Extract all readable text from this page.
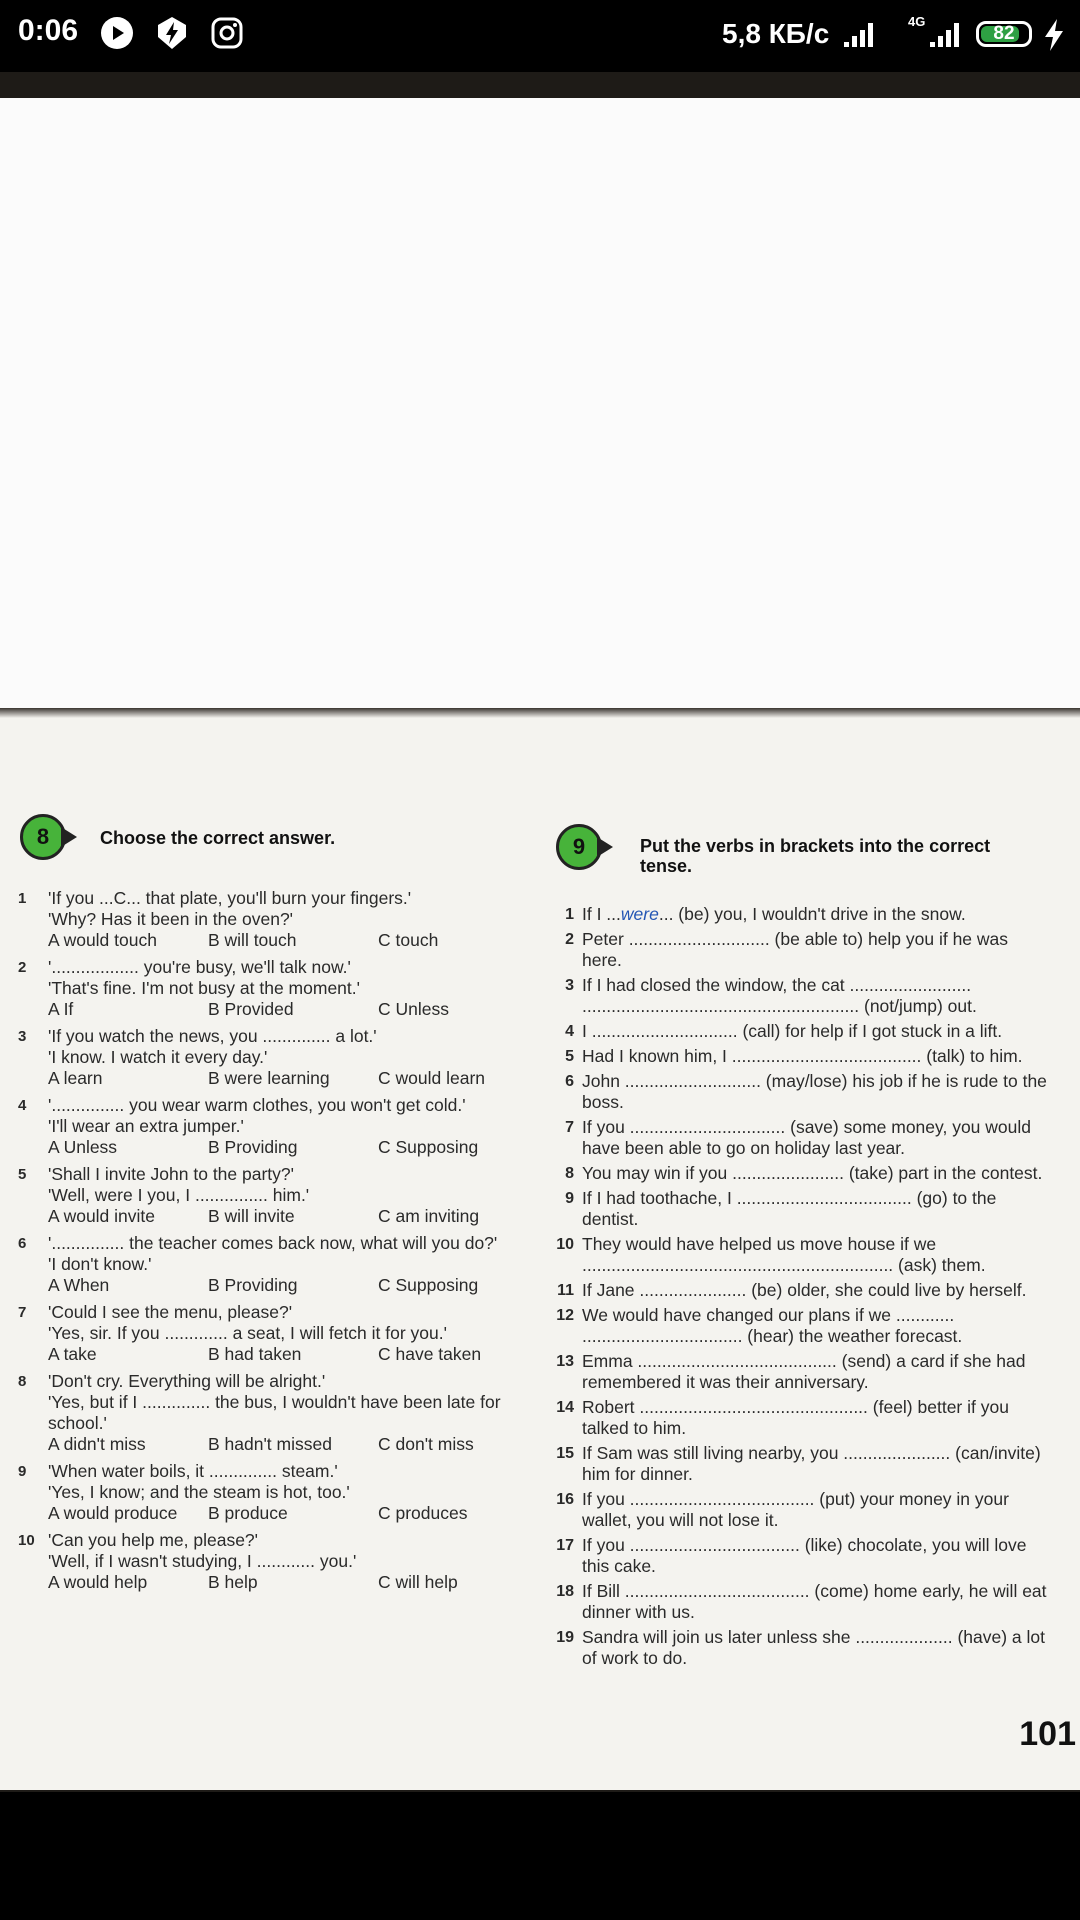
0:06	5,8 КБ/с	4G
82
8	Choose the correct answer.	9	Put the verbs in brackets into the correct tense.
1	'If you ...C... that plate, you'll burn your fingers.'

'Why? Has it been in the oven?'

A would touch	B will touch	C touch
2	'.................. you're busy, we'll talk now.'

'That's fine. I'm not busy at the moment.'

A If	B Provided	C Unless
3	'If you watch the news, you .............. a lot.'

'I know. I watch it every day.'

A learn	B were learning	C would learn
4	'............... you wear warm clothes, you won't get cold.'

'I'll wear an extra jumper.'

A Unless	B Providing	C Supposing
5	'Shall I invite John to the party?'

'Well, were I you, I ............... him.'

A would invite	B will invite	C am inviting
6	'............... the teacher comes back now, what will you do?'

'I don't know.'

A When	B Providing	C Supposing
7	'Could I see the menu, please?'

'Yes, sir. If you ............. a seat, I will fetch it for you.'

A take	B had taken	C have taken
8	'Don't cry. Everything will be alright.'

'Yes, but if I .............. the bus, I wouldn't have been late for school.'

A didn't miss	B hadn't missed	C don't miss
9	'When water boils, it .............. steam.'

'Yes, I know; and the steam is hot, too.'

A would produce	B produce	C produces
10 'Can you help me, please?'

'Well, if I wasn't studying, I ............ you.'

A would help	B help	C will help
1 If I ...were... (be) you, I wouldn't drive in the snow.
2 Peter ............................. (be able to) help you if he was here.
3 If I had closed the window, the cat ......................... ......................................................... (not/jump) out.
4 I .............................. (call) for help if I got stuck in a lift.
5 Had I known him, I ....................................... (talk) to him.
6 John ............................ (may/lose) his job if he is rude to the boss.
7 If you ................................ (save) some money, you would have been able to go on holiday last year.
8 You may win if you ....................... (take) part in the contest.
9 If I had toothache, I .................................... (go) to the dentist.
10 They would have helped us move house if we ................................................................ (ask) them.
11 If Jane ...................... (be) older, she could live by herself.
12 We would have changed our plans if we ............ ................................. (hear) the weather forecast.
13 Emma ......................................... (send) a card if she had remembered it was their anniversary.
14 Robert ............................................... (feel) better if you talked to him.
15 If Sam was still living nearby, you ...................... (can/invite) him for dinner.
16 If you ...................................... (put) your money in your wallet, you will not lose it.
17 If you ................................... (like) chocolate, you will love this cake.
18 If Bill ...................................... (come) home early, he will eat dinner with us.
19 Sandra will join us later unless she .................... (have) a lot of work to do.
101
